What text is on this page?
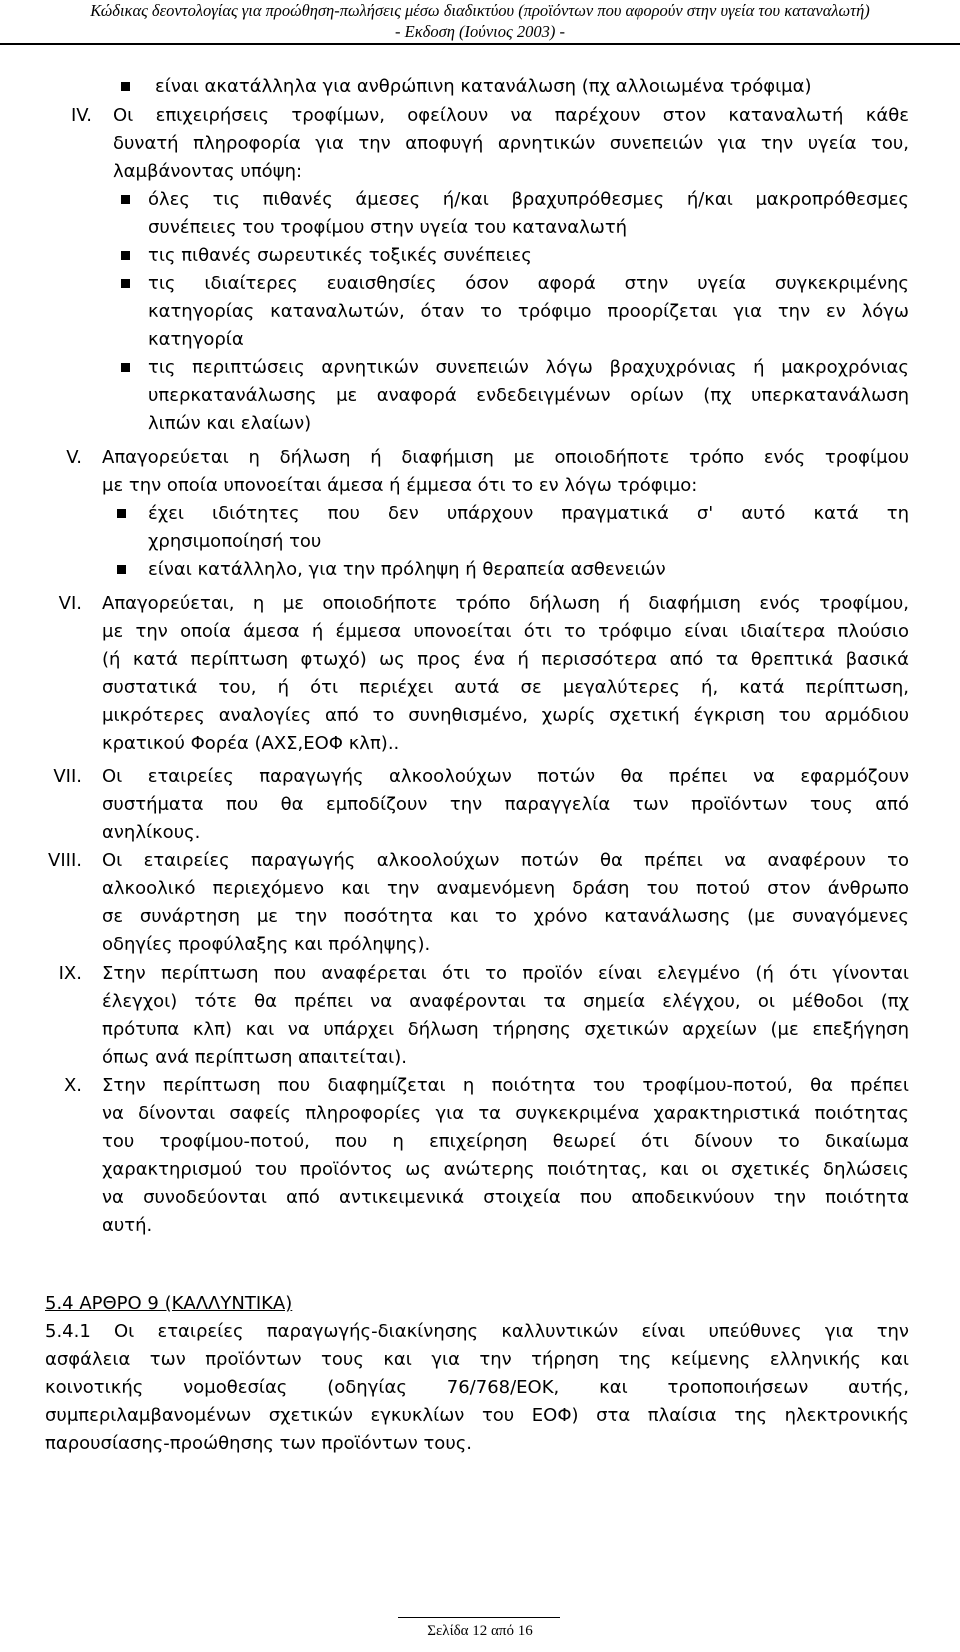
Κώδικας δεοντολογίας για προώθηση-πωλήσεις μέσω διαδικτύου (προϊόντων που αφορούν στην υγεία του καταναλωτή)
- Εκδοση (Ιούνιος 2003) -
είναι ακατάλληλα για ανθρώπινη κατανάλωση (πχ αλλοιωμένα τρόφιμα)
IV. Οι επιχειρήσεις τροφίμων, οφείλουν να παρέχουν στον καταναλωτή κάθε
δυνατή πληροφορία για την αποφυγή αρνητικών συνεπειών για την υγεία του,
λαμβάνοντας υπόψη:
όλες τις πιθανές άμεσες ή/και βραχυπρόθεσμες ή/και μακροπρόθεσμες
συνέπειες του τροφίμου στην υγεία του καταναλωτή
τις πιθανές σωρευτικές τοξικές συνέπειες
τις ιδιαίτερες ευαισθησίες όσον αφορά στην υγεία συγκεκριμένης
κατηγορίας καταναλωτών, όταν το τρόφιμο προορίζεται για την εν λόγω
κατηγορία
τις περιπτώσεις αρνητικών συνεπειών λόγω βραχυχρόνιας ή μακροχρόνιας
υπερκατανάλωσης με αναφορά ενδεδειγμένων ορίων (πχ υπερκατανάλωση
λιπών και ελαίων)
V. Απαγορεύεται η δήλωση ή διαφήμιση με οποιοδήποτε τρόπο ενός τροφίμου
με την οποία υπονοείται άμεσα ή έμμεσα ότι το εν λόγω τρόφιμο:
έχει ιδιότητες που δεν υπάρχουν πραγματικά σ' αυτό κατά τη
χρησιμοποίησή του
είναι κατάλληλο, για την πρόληψη ή θεραπεία ασθενειών
VI. Απαγορεύεται, η με οποιοδήποτε τρόπο δήλωση ή διαφήμιση ενός τροφίμου,
με την οποία άμεσα ή έμμεσα υπονοείται ότι το τρόφιμο είναι ιδιαίτερα πλούσιο
(ή κατά περίπτωση φτωχό) ως προς ένα ή περισσότερα από τα θρεπτικά βασικά
συστατικά του, ή ότι περιέχει αυτά σε μεγαλύτερες ή, κατά περίπτωση,
μικρότερες αναλογίες από το συνηθισμένο, χωρίς σχετική έγκριση του αρμόδιου
κρατικού Φορέα (ΑΧΣ,ΕΟΦ κλπ)..
VII. Οι εταιρείες παραγωγής αλκοολούχων ποτών θα πρέπει να εφαρμόζουν
συστήματα που θα εμποδίζουν την παραγγελία των προϊόντων τους από
ανηλίκους.
VIII. Οι εταιρείες παραγωγής αλκοολούχων ποτών θα πρέπει να αναφέρουν το
αλκοολικό περιεχόμενο και την αναμενόμενη δράση του ποτού στον άνθρωπο
σε συνάρτηση με την ποσότητα και το χρόνο κατανάλωσης (με συναγόμενες
οδηγίες προφύλαξης και πρόληψης).
IX. Στην περίπτωση που αναφέρεται ότι το προϊόν είναι ελεγμένο (ή ότι γίνονται
έλεγχοι) τότε θα πρέπει να αναφέρονται τα σημεία ελέγχου, οι μέθοδοι (πχ
πρότυπα κλπ) και να υπάρχει δήλωση τήρησης σχετικών αρχείων (με επεξήγηση
όπως ανά περίπτωση απαιτείται).
X. Στην περίπτωση που διαφημίζεται η ποιότητα του τροφίμου-ποτού, θα πρέπει
να δίνονται σαφείς πληροφορίες για τα συγκεκριμένα χαρακτηριστικά ποιότητας
του τροφίμου-ποτού, που η επιχείρηση θεωρεί ότι δίνουν το δικαίωμα
χαρακτηρισμού του προϊόντος ως ανώτερης ποιότητας, και οι σχετικές δηλώσεις
να συνοδεύονται από αντικειμενικά στοιχεία που αποδεικνύουν την ποιότητα
αυτή.
5.4 ΑΡΘΡΟ 9 (ΚΑΛΛΥΝΤΙΚΑ)
5.4.1 Οι εταιρείες παραγωγής-διακίνησης καλλυντικών είναι υπεύθυνες για την
ασφάλεια των προϊόντων τους και για την τήρηση της κείμενης ελληνικής και
κοινοτικής νομοθεσίας (οδηγίας 76/768/ΕΟΚ, και τροποποιήσεων αυτής,
συμπεριλαμβανομένων σχετικών εγκυκλίων του ΕΟΦ) στα πλαίσια της ηλεκτρονικής
παρουσίασης-προώθησης των προϊόντων τους.
Σελίδα 12 από 16
